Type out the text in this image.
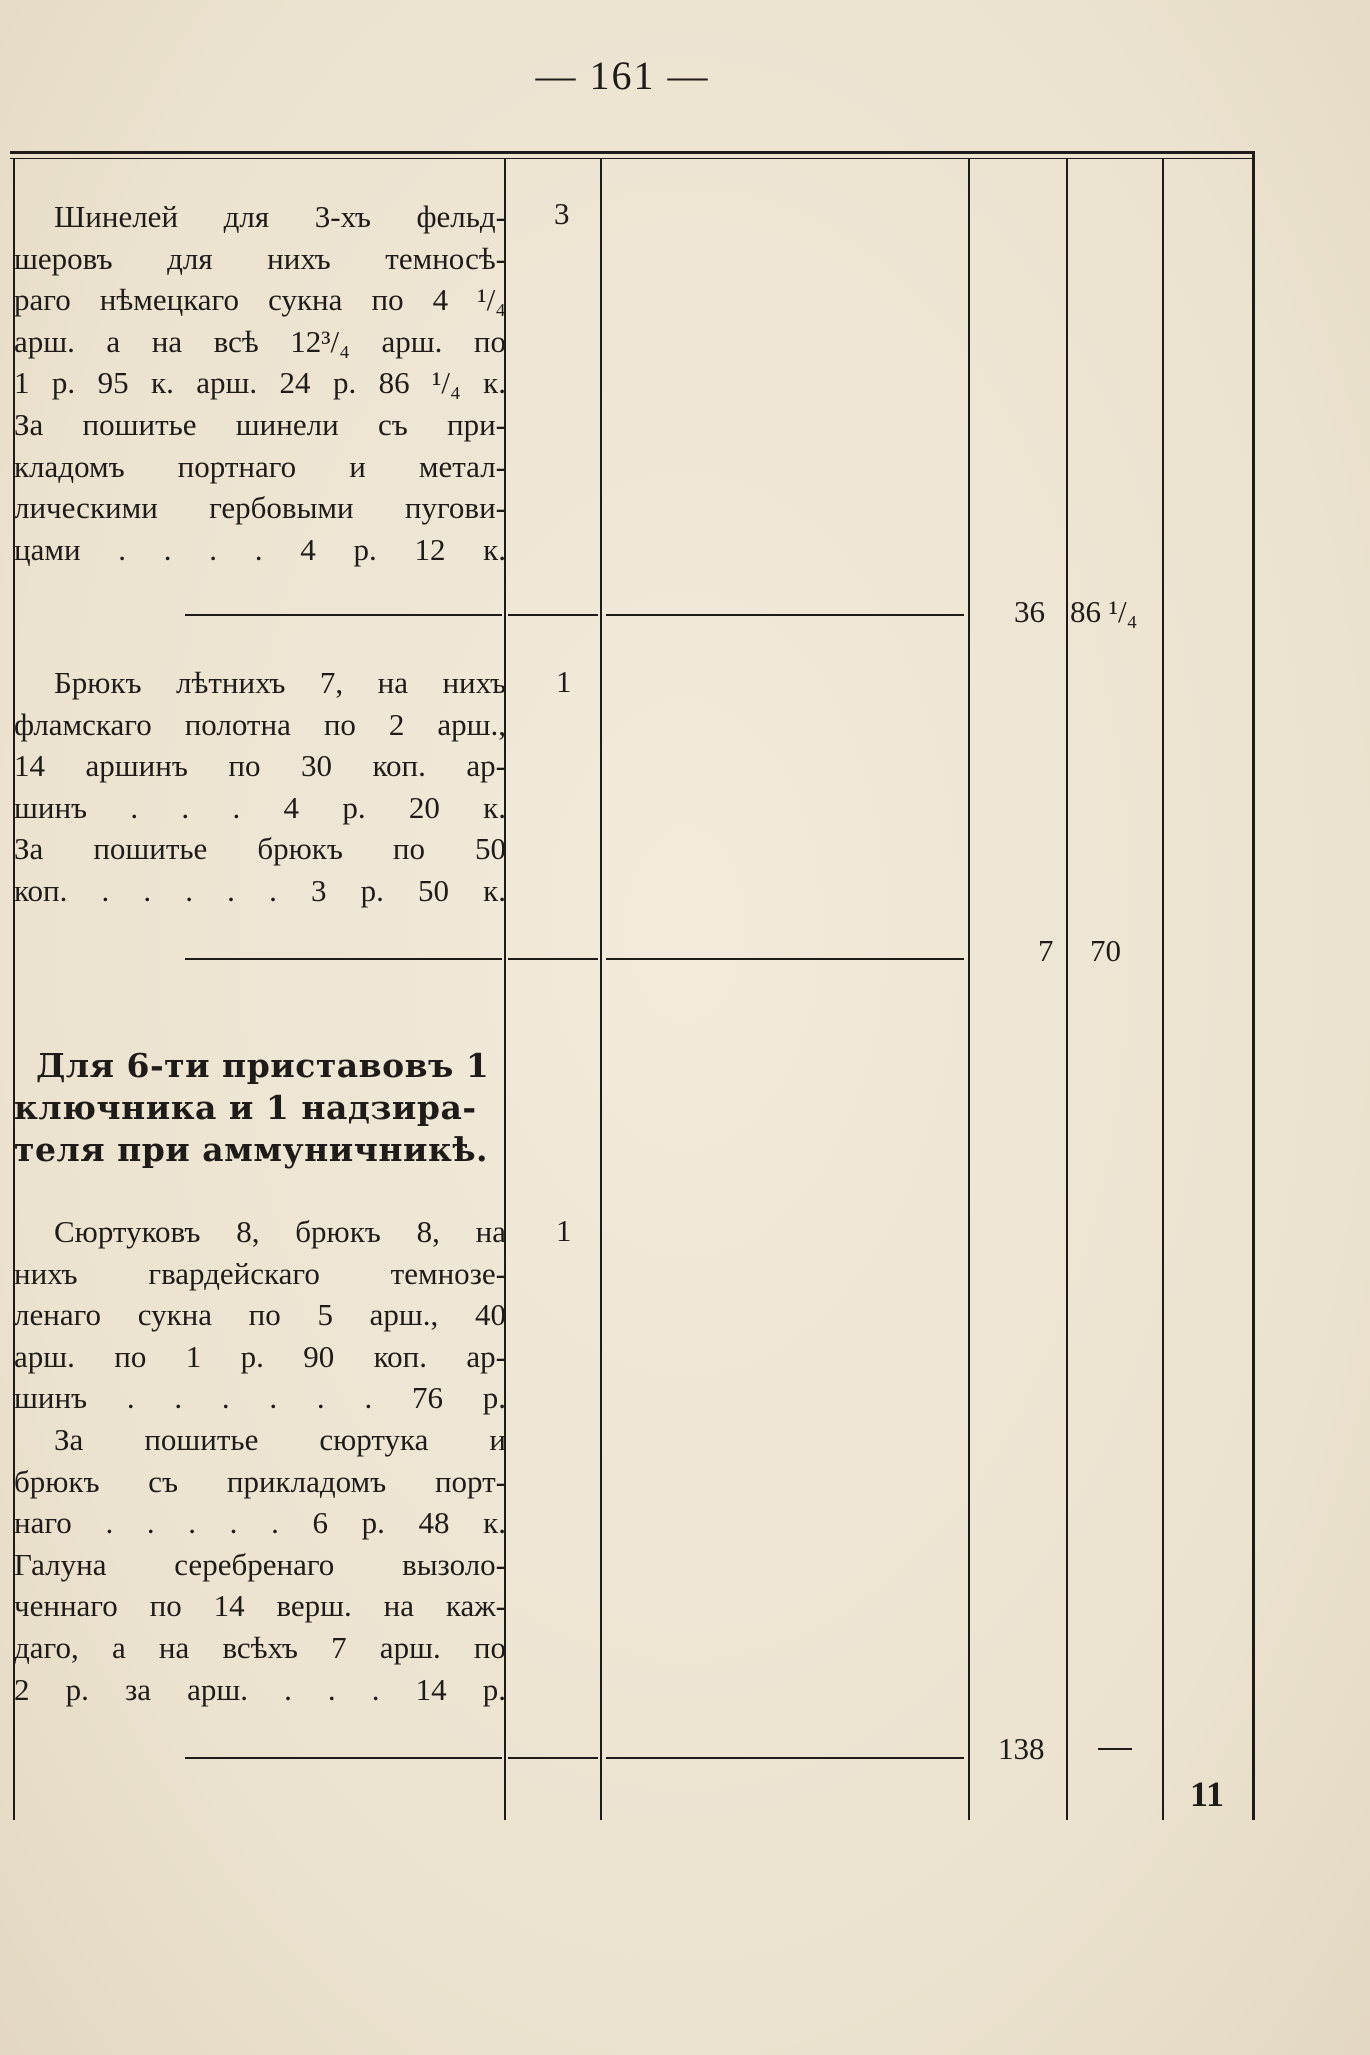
— 161 —

Шинелей для 3-хъ фельд-

шеровъ для нихъ темносѣ-

раго нѣмецкаго сукна по 4 ¹/₄

арш. а на всѣ 12³/₄ арш. по

1 р. 95 к. арш. 24 р. 86 ¹/₄ к.

За пошитье шинели съ при-

кладомъ портнаго и метал-

лическими гербовыми пугови-

цами . . . . 4 р. 12 к.

3
36 86 ¹/₄

Брюкъ лѣтнихъ 7, на нихъ

фламскаго полотна по 2 арш.,

14 аршинъ по 30 коп. ар-

шинъ . . . 4 р. 20 к.

За пошитье брюкъ по 50

коп. . . . . . 3 р. 50 к.

1
7 70

Для 6-ти приставовъ 1

ключника и 1 надзира-

теля при аммуничникѣ.

Сюртуковъ 8, брюкъ 8, на

нихъ гвардейскаго темнозе-

ленаго сукна по 5 арш., 40

арш. по 1 р. 90 коп. ар-

шинъ . . . . . . 76 р.

За пошитье сюртука и

брюкъ съ прикладомъ порт-

наго . . . . . 6 р. 48 к.

Галуна серебренаго вызоло-

ченнаго по 14 верш. на каж-

даго, а на всѣхъ 7 арш. по

2 р. за арш. . . . 14 р.

1
138
11
